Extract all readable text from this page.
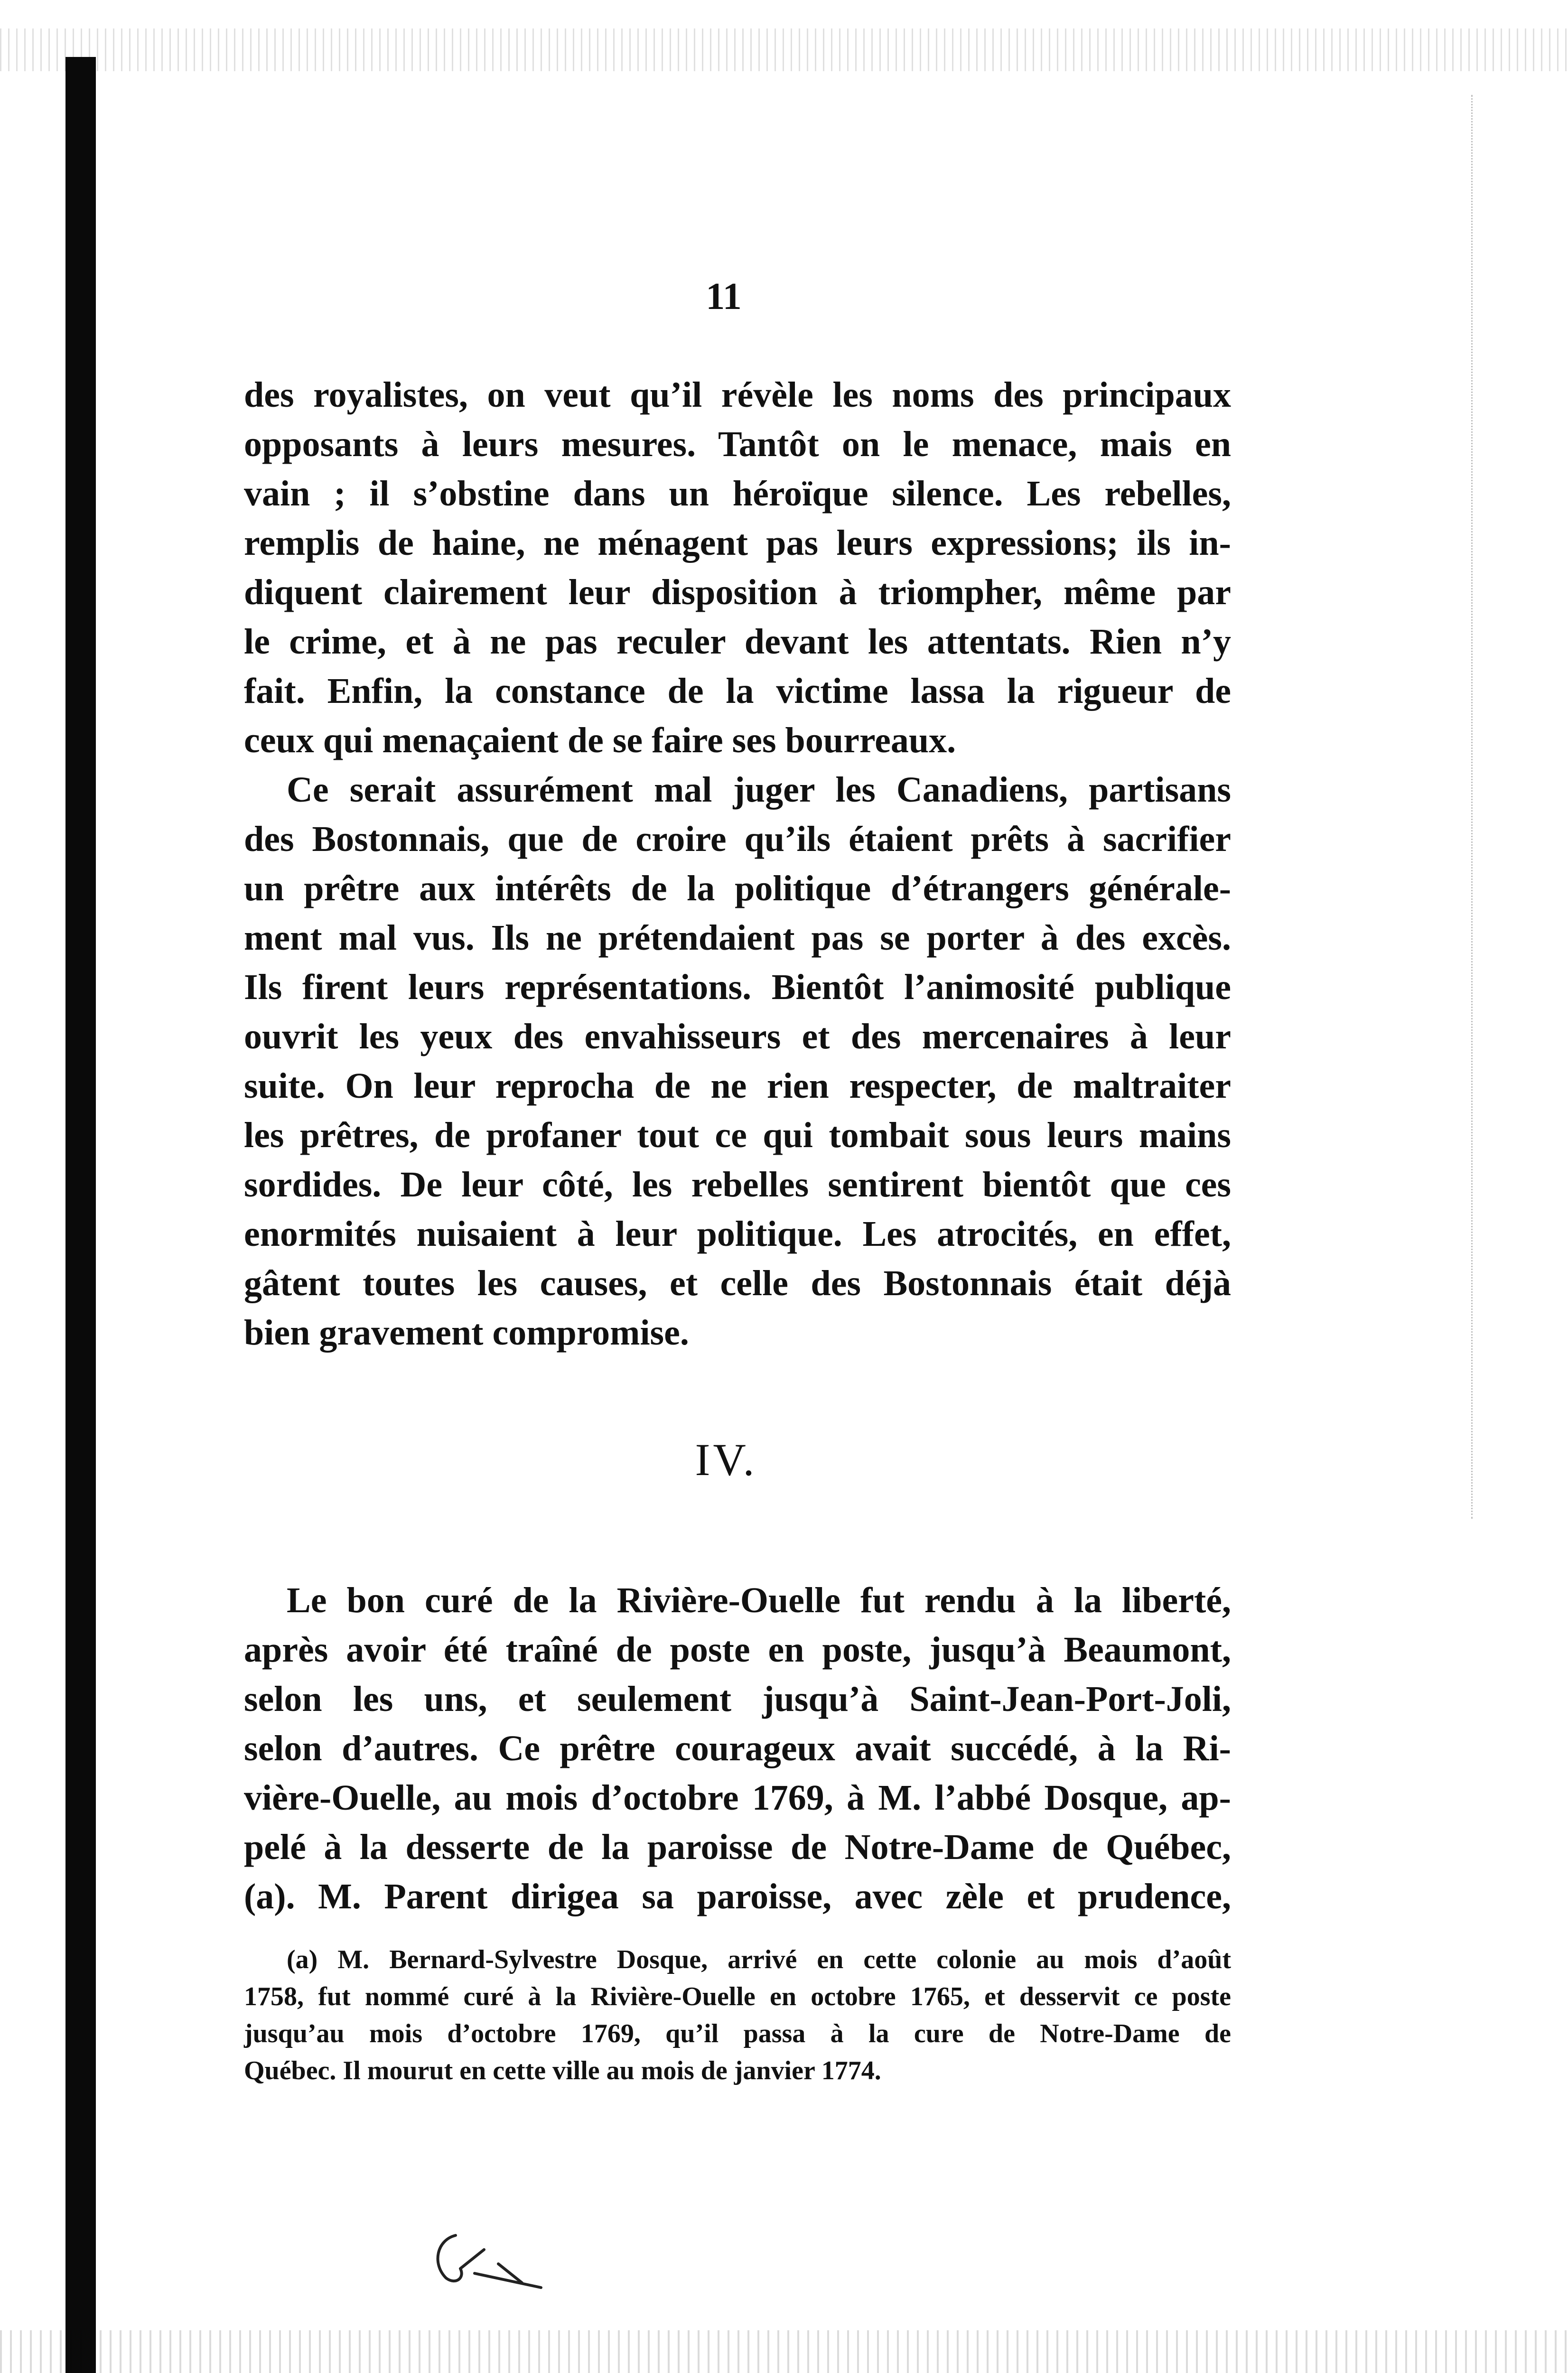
11
des royalistes, on veut qu’il révèle les noms des principaux
opposants à leurs mesures. Tantôt on le menace, mais en
vain ; il s’obstine dans un héroïque silence. Les rebelles,
remplis de haine, ne ménagent pas leurs expressions; ils in-
diquent clairement leur disposition à triompher, même par
le crime, et à ne pas reculer devant les attentats. Rien n’y
fait. Enfin, la constance de la victime lassa la rigueur de
ceux qui menaçaient de se faire ses bourreaux.
Ce serait assurément mal juger les Canadiens, partisans
des Bostonnais, que de croire qu’ils étaient prêts à sacrifier
un prêtre aux intérêts de la politique d’étrangers générale-
ment mal vus. Ils ne prétendaient pas se porter à des excès.
Ils firent leurs représentations. Bientôt l’animosité publique
ouvrit les yeux des envahisseurs et des mercenaires à leur
suite. On leur reprocha de ne rien respecter, de maltraiter
les prêtres, de profaner tout ce qui tombait sous leurs mains
sordides. De leur côté, les rebelles sentirent bientôt que ces
enormités nuisaient à leur politique. Les atrocités, en effet,
gâtent toutes les causes, et celle des Bostonnais était déjà
bien gravement compromise.
IV.
Le bon curé de la Rivière-Ouelle fut rendu à la liberté,
après avoir été traîné de poste en poste, jusqu’à Beaumont,
selon les uns, et seulement jusqu’à Saint-Jean-Port-Joli,
selon d’autres. Ce prêtre courageux avait succédé, à la Ri-
vière-Ouelle, au mois d’octobre 1769, à M. l’abbé Dosque, ap-
pelé à la desserte de la paroisse de Notre-Dame de Québec,
(a). M. Parent dirigea sa paroisse, avec zèle et prudence,
(a) M. Bernard-Sylvestre Dosque, arrivé en cette colonie au mois d’août
1758, fut nommé curé à la Rivière-Ouelle en octobre 1765, et desservit ce poste
jusqu’au mois d’octobre 1769, qu’il passa à la cure de Notre-Dame de
Québec. Il mourut en cette ville au mois de janvier 1774.
